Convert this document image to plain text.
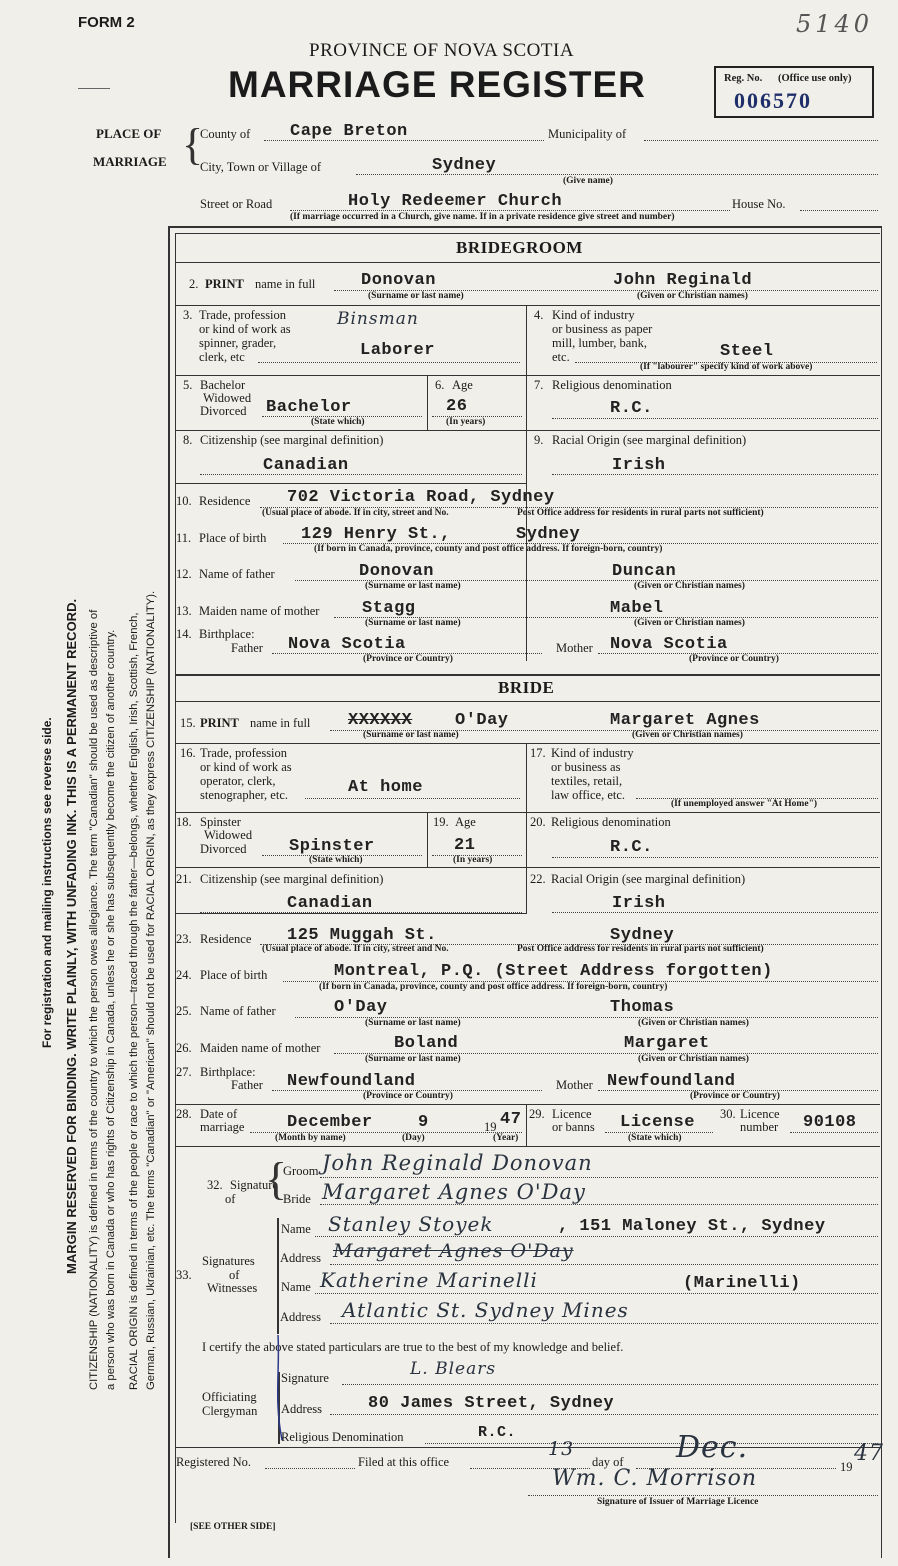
FORM 2	5140
PROVINCE OF NOVA SCOTIA
MARRIAGE REGISTER	Reg. No. (Office use only)
006570
PLACE OF
MARRIAGE {
County of Cape Breton	Municipality of
City, Town or Village of	Sydney
(Give name)
Street or Road	Holy Redeemer Church	House No.
(If marriage occurred in a Church, give name. If in a private residence give street and number)
BRIDEGROOM
2. PRINT name in full	Donovan	John Reginald
(Surname or last name)	(Given or Christian names)
3. Trade, profession
or kind of work as
spinner, grader,
clerk, etc
Binsman
Laborer
4. Kind of industry
or business as paper
mill, lumber, bank,
etc.	Steel
(If "labourer" specify kind of work above)
5. Bachelor
Widowed
Divorced Bachelor
(State which)
6. Age
26
(In years)
7. Religious denomination
R.C.
8. Citizenship (see marginal definition)
Canadian
9. Racial Origin (see marginal definition)
Irish
10. Residence 702 Victoria Road, Sydney
(Usual place of abode. If in city, street and No.	Post Office address for residents in rural parts not sufficient)
11. Place of birth 129 Henry St.,	Sydney
(If born in Canada, province, county and post office address. If foreign-born, country)
12. Name of father	Donovan	Duncan
(Surname or last name)	(Given or Christian names)
13. Maiden name of mother	Stagg	Mabel
(Surname or last name)	(Given or Christian names)
14. Birthplace:
Father Nova Scotia
(Province or Country)
Mother Nova Scotia
(Province or Country)
BRIDE
15. PRINT name in full XXXXXX	O'Day	Margaret Agnes
(Surname or last name)	(Given or Christian names)
16. Trade, profession
or kind of work as
operator, clerk,
stenographer, etc.	At home
17. Kind of industry
or business as
textiles, retail,
law office, etc.
(If unemployed answer "At Home")
18. Spinster
Widowed
Divorced Spinster
(State which)
19. Age
21
(In years)
20. Religious denomination
R.C.
21. Citizenship (see marginal definition)
Canadian
22. Racial Origin (see marginal definition)
Irish
23. Residence 125 Muggah St.	Sydney
(Usual place of abode. If in city, street and No.	Post Office address for residents in rural parts not sufficient)
24. Place of birth	Montreal, P.Q. (Street Address forgotten)
(If born in Canada, province, county and post office address. If foreign-born, country)
25. Name of father	O'Day	Thomas
(Surname or last name)	(Given or Christian names)
26. Maiden name of mother	Boland	Margaret
(Surname or last name)	(Given or Christian names)
27. Birthplace:
Father Newfoundland
(Province or Country)
Mother Newfoundland
(Province or Country)
28. Date of
marriage	December	9	19 47
(Month by name)	(Day)	(Year)
29. Licence
or banns License
(State which)
30. Licence
number 90108
32. Signature
of {
Groom John Reginald Donovan
Bride Margaret Agnes O'Day
Signatures
33.	of
Witnesses
Name Stanley Stoyek	, 151 Maloney St., Sydney
Address Margaret Agnes O'Day
Name Katherine Marinelli	(Marinelli)
Address Atlantic St. Sydney Mines
I certify the above stated particulars are true to the best of my knowledge and belief.
Officiating
Clergyman
Signature	L. Blears
Address	80 James Street, Sydney
Religious Denomination	R.C.
Registered No.	Filed at this office
13
day of Dec.
19
47
Wm. C. Morrison
Signature of Issuer of Marriage Licence
[SEE OTHER SIDE]
For registration and mailing instructions see reverse side. MARGIN RESERVED FOR BINDING. WRITE PLAINLY, WITH UNFADING INK. THIS IS A PERMANENT RECORD. CITIZENSHIP (NATIONALITY) is defined in terms of the country to which the person owes allegiance. The term "Canadian" should be used as descriptive of a person who was born in Canada or who has rights of Citizenship in Canada, unless he or she has subsequently become the citizen of another country. RACIAL ORIGIN is defined in terms of the people or race to which the person—traced through the father—belongs, whether English, Irish, Scottish, French, German, Russian, Ukrainian, etc. The terms "Canadian" or "American" should not be used for RACIAL ORIGIN, as they express CITIZENSHIP (NATIONALITY).
